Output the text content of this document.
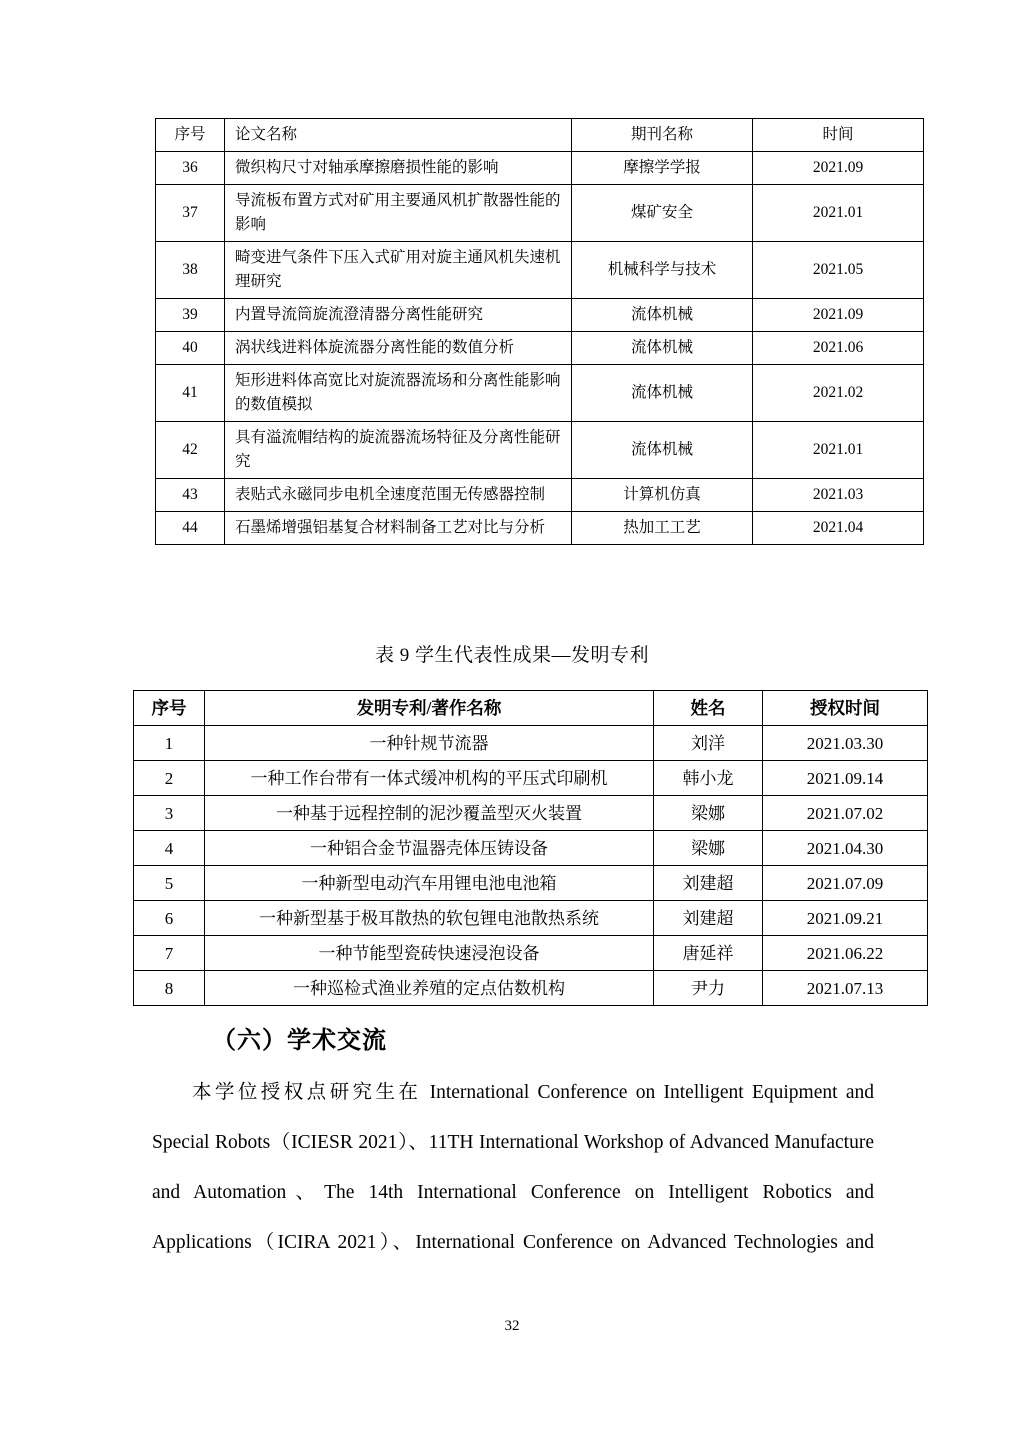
序号	论文名称	期刊名称	时间
36	微织构尺寸对轴承摩擦磨损性能的影响	摩擦学学报	2021.09
37	导流板布置方式对矿用主要通风机扩散器性能的影响	煤矿安全	2021.01
38	畸变进气条件下压入式矿用对旋主通风机失速机理研究	机械科学与技术	2021.05
39	内置导流筒旋流澄清器分离性能研究	流体机械	2021.09
40	涡状线进料体旋流器分离性能的数值分析	流体机械	2021.06
41	矩形进料体高宽比对旋流器流场和分离性能影响的数值模拟	流体机械	2021.02
42	具有溢流帽结构的旋流器流场特征及分离性能研究	流体机械	2021.01
43	表贴式永磁同步电机全速度范围无传感器控制	计算机仿真	2021.03
44	石墨烯增强铝基复合材料制备工艺对比与分析	热加工工艺	2021.04
表 9 学生代表性成果—发明专利
序号	发明专利/著作名称	姓名	授权时间
1	一种针规节流器	刘洋	2021.03.30
2	一种工作台带有一体式缓冲机构的平压式印刷机	韩小龙	2021.09.14
3	一种基于远程控制的泥沙覆盖型灭火装置	梁娜	2021.07.02
4	一种铝合金节温器壳体压铸设备	梁娜	2021.04.30
5	一种新型电动汽车用锂电池电池箱	刘建超	2021.07.09
6	一种新型基于极耳散热的软包锂电池散热系统	刘建超	2021.09.21
7	一种节能型瓷砖快速浸泡设备	唐延祥	2021.06.22
8	一种巡检式渔业养殖的定点估数机构	尹力	2021.07.13
（六）学术交流
本学位授权点研究生在 International Conference on Intelligent Equipment and Special Robots（ICIESR 2021）、11TH International Workshop of Advanced Manufacture and Automation、The 14th International Conference on Intelligent Robotics and Applications（ICIRA 2021）、International Conference on Advanced Technologies and
32
